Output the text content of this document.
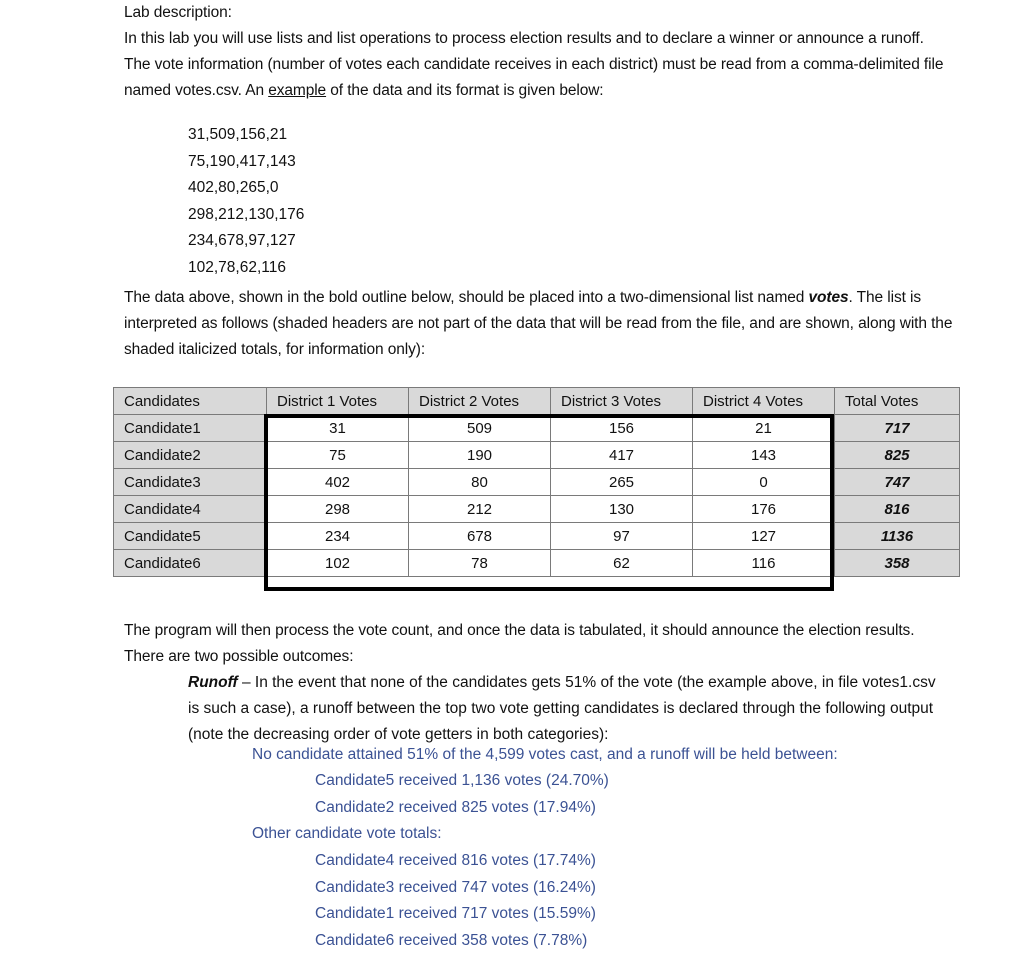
Lab description:
In this lab you will use lists and list operations to process election results and to declare a winner or announce a runoff. The vote information (number of votes each candidate receives in each district) must be read from a comma-delimited file named votes.csv. An example of the data and its format is given below:
31,509,156,21
75,190,417,143
402,80,265,0
298,212,130,176
234,678,97,127
102,78,62,116
The data above, shown in the bold outline below, should be placed into a two-dimensional list named votes. The list is interpreted as follows (shaded headers are not part of the data that will be read from the file, and are shown, along with the shaded italicized totals, for information only):
Candidates	District 1 Votes	District 2 Votes	District 3 Votes	District 4 Votes	Total Votes
Candidate1	31	509	156	21	717
Candidate2	75	190	417	143	825
Candidate3	402	80	265	0	747
Candidate4	298	212	130	176	816
Candidate5	234	678	97	127	1136
Candidate6	102	78	62	116	358
The program will then process the vote count, and once the data is tabulated, it should announce the election results. There are two possible outcomes:
Runoff – In the event that none of the candidates gets 51% of the vote (the example above, in file votes1.csv is such a case), a runoff between the top two vote getting candidates is declared through the following output (note the decreasing order of vote getters in both categories):
No candidate attained 51% of the 4,599 votes cast, and a runoff will be held between:
Candidate5 received 1,136 votes (24.70%)
Candidate2 received 825 votes (17.94%)
Other candidate vote totals:
Candidate4 received 816 votes (17.74%)
Candidate3 received 747 votes (16.24%)
Candidate1 received 717 votes (15.59%)
Candidate6 received 358 votes (7.78%)
